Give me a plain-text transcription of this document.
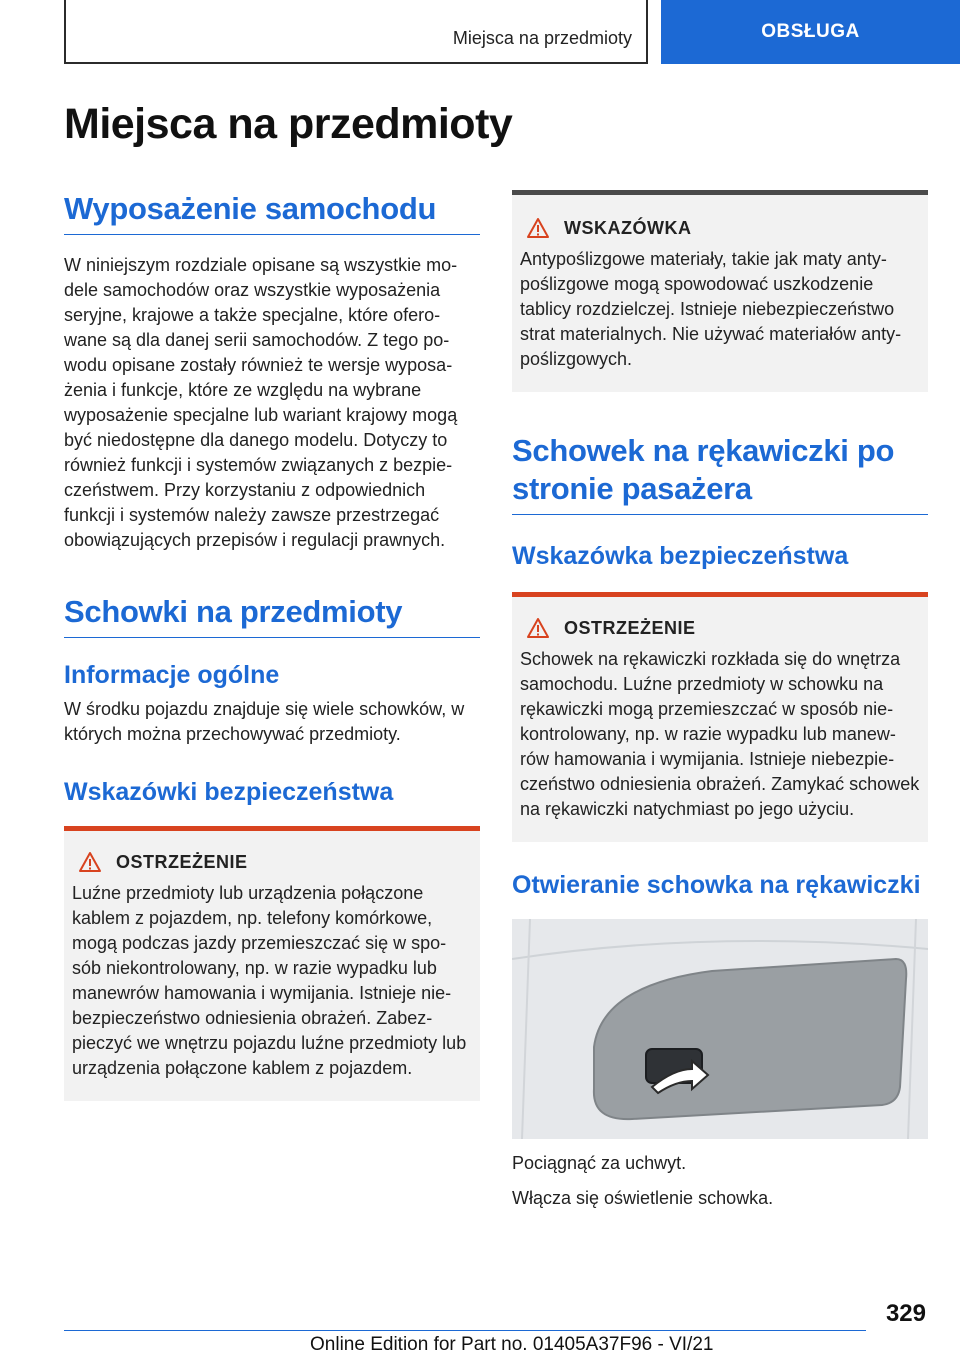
Miejsca na przedmioty	OBSŁUGA
Miejsca na przedmioty
Wyposażenie samochodu

W niniejszym rozdziale opisane są wszystkie mo-dele samochodów oraz wszystkie wyposażenia seryjne, krajowe a także specjalne, które ofero-wane są dla danej serii samochodów. Z tego po-wodu opisane zostały również te wersje wyposa-żenia i funkcje, które ze względu na wybrane wyposażenie specjalne lub wariant krajowy mogą być niedostępne dla danego modelu. Dotyczy to również funkcji i systemów związanych z bezpie-czeństwem. Przy korzystaniu z odpowiednich funkcji i systemów należy zawsze przestrzegać obowiązujących przepisów i regulacji prawnych.

Schowki na przedmioty
Informacje ogólne

W środku pojazdu znajduje się wiele schowków, w których można przechowywać przedmioty.

Wskazówki bezpieczeństwa
OSTRZEŻENIE

Luźne przedmioty lub urządzenia połączone kablem z pojazdem, np. telefony komórkowe, mogą podczas jazdy przemieszczać się w spo-sób niekontrolowany, np. w razie wypadku lub manewrów hamowania i wymijania. Istnieje nie-bezpieczeństwo odniesienia obrażeń. Zabez-pieczyć we wnętrzu pojazdu luźne przedmioty lub urządzenia połączone kablem z pojazdem.

WSKAZÓWKA

Antypoślizgowe materiały, takie jak maty anty-poślizgowe mogą spowodować uszkodzenie tablicy rozdzielczej. Istnieje niebezpieczeństwo strat materialnych. Nie używać materiałów anty-poślizgowych.

Schowek na rękawiczki po stronie pasażera
Wskazówka bezpieczeństwa
OSTRZEŻENIE

Schowek na rękawiczki rozkłada się do wnętrza samochodu. Luźne przedmioty w schowku na rękawiczki mogą przemieszczać w sposób nie-kontrolowany, np. w razie wypadku lub manew-rów hamowania i wymijania. Istnieje niebezpie-czeństwo odniesienia obrażeń. Zamykać schowek na rękawiczki natychmiast po jego użyciu.

Otwieranie schowka na rękawiczki

Pociągnąć za uchwyt.

Włącza się oświetlenie schowka.

329
Online Edition for Part no. 01405A37F96 - VI/21
